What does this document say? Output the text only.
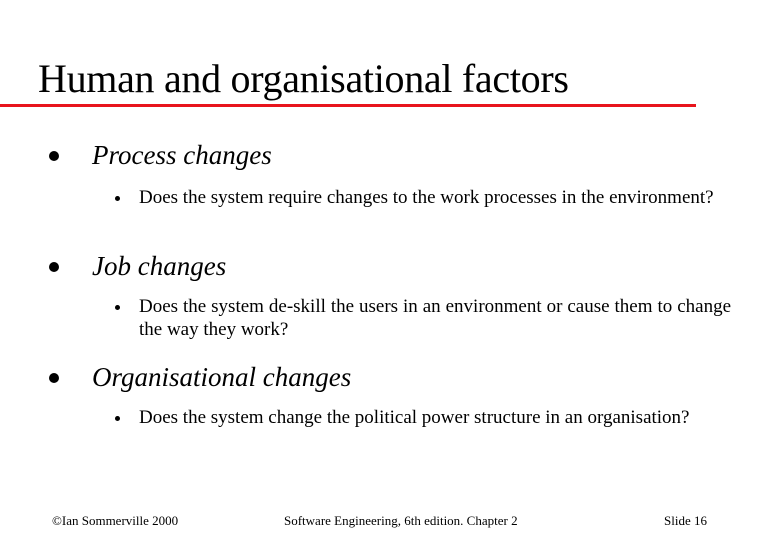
Human and organisational factors
Process changes
Does the system require changes to the work processes in the environment?
Job changes
Does the system de-skill the users in an environment or cause them to change the way they work?
Organisational changes
Does the system change the political power structure in an organisation?
©Ian Sommerville 2000	Software Engineering, 6th edition. Chapter 2	Slide 16
